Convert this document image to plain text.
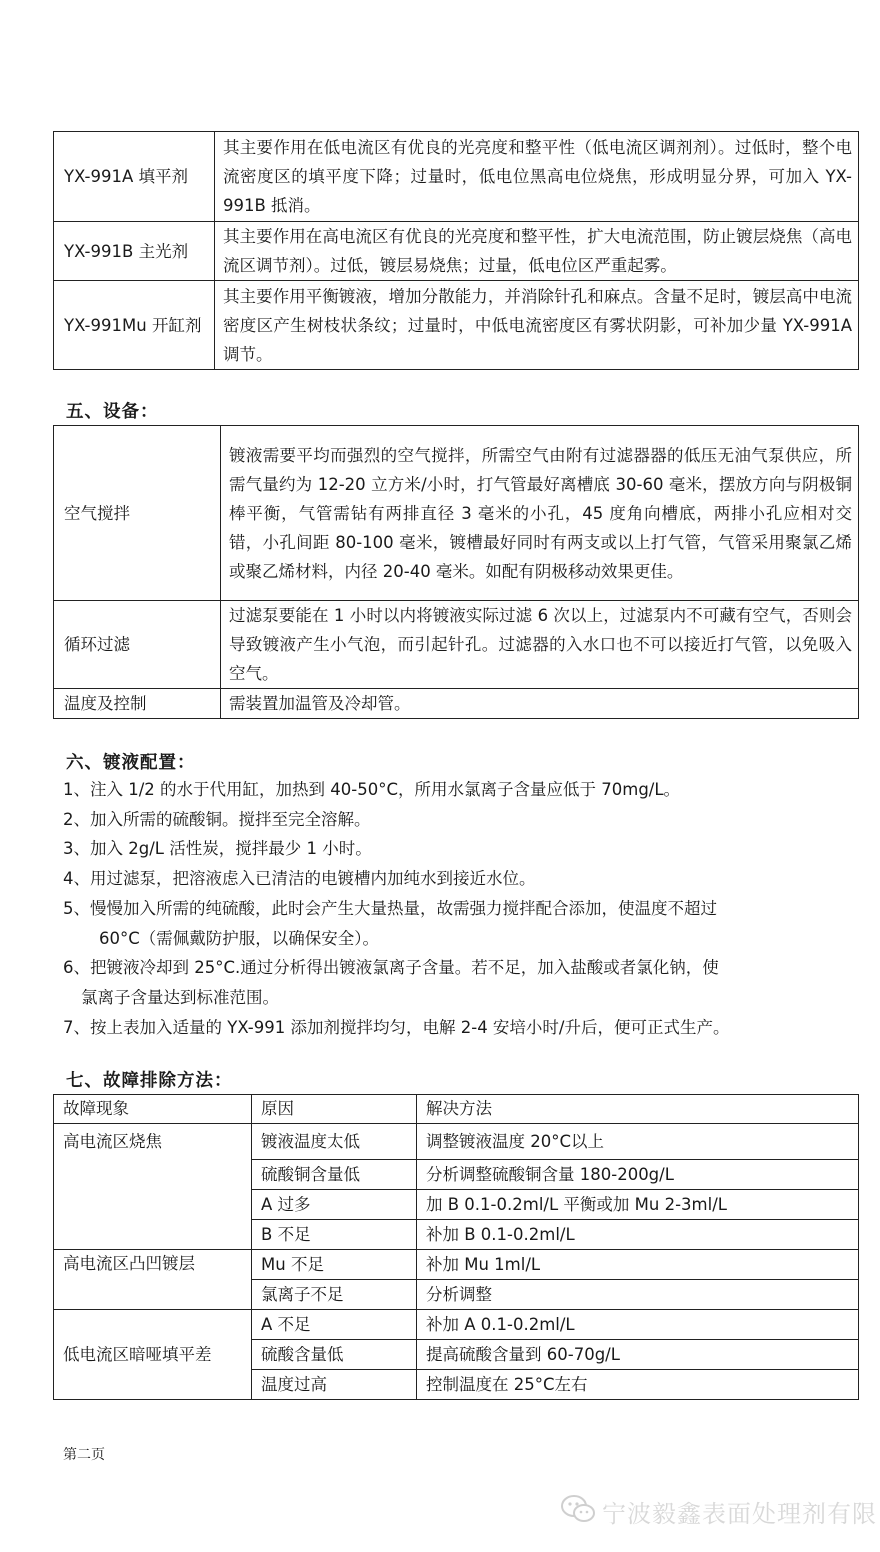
YX-991A 填平剂	其主要作用在低电流区有优良的光亮度和整平性（低电流区调剂剂）。过低时，整个电流密度区的填平度下降；过量时，低电位黑高电位烧焦，形成明显分界，可加入 YX-991B 抵消。
YX-991B 主光剂	其主要作用在高电流区有优良的光亮度和整平性，扩大电流范围，防止镀层烧焦（高电流区调节剂）。过低，镀层易烧焦；过量，低电位区严重起雾。
YX-991Mu 开缸剂	其主要作用平衡镀液，增加分散能力，并消除针孔和麻点。含量不足时，镀层高中电流密度区产生树枝状条纹；过量时，中低电流密度区有雾状阴影，可补加少量 YX-991A 调节。
五、设备：
空气搅拌	镀液需要平均而强烈的空气搅拌，所需空气由附有过滤器器的低压无油气泵供应，所需气量约为 12-20 立方米/小时，打气管最好离槽底 30-60 毫米，摆放方向与阴极铜棒平衡，气管需钻有两排直径 3 毫米的小孔，45 度角向槽底，两排小孔应相对交错，小孔间距 80-100 毫米，镀槽最好同时有两支或以上打气管，气管采用聚氯乙烯或聚乙烯材料，内径 20-40 毫米。如配有阴极移动效果更佳。
循环过滤	过滤泵要能在 1 小时以内将镀液实际过滤 6 次以上，过滤泵内不可藏有空气，否则会导致镀液产生小气泡，而引起针孔。过滤器的入水口也不可以接近打气管，以免吸入空气。
温度及控制	需装置加温管及冷却管。
六、镀液配置：

1、注入 1/2 的水于代用缸，加热到 40-50°C，所用水氯离子含量应低于 70mg/L。

2、加入所需的硫酸铜。搅拌至完全溶解。

3、加入 2g/L 活性炭，搅拌最少 1 小时。

4、用过滤泵，把溶液虑入已清洁的电镀槽内加纯水到接近水位。

5、慢慢加入所需的纯硫酸，此时会产生大量热量，故需强力搅拌配合添加，使温度不超过

60°C（需佩戴防护服，以确保安全）。

6、把镀液冷却到 25°C.通过分析得出镀液氯离子含量。若不足，加入盐酸或者氯化钠，使

氯离子含量达到标准范围。

7、按上表加入适量的 YX-991 添加剂搅拌均匀，电解 2-4 安培小时/升后，便可正式生产。

七、故障排除方法：
故障现象	原因	解决方法
高电流区烧焦	镀液温度太低	调整镀液温度 20°C以上
	硫酸铜含量低	分析调整硫酸铜含量 180-200g/L
	A 过多	加 B 0.1-0.2ml/L 平衡或加 Mu 2-3ml/L
	B 不足	补加 B 0.1-0.2ml/L
高电流区凸凹镀层	Mu 不足	补加 Mu 1ml/L
	氯离子不足	分析调整
低电流区暗哑填平差	A 不足	补加 A 0.1-0.2ml/L
	硫酸含量低	提高硫酸含量到 60-70g/L
	温度过高	控制温度在 25°C左右
第二页
宁波毅鑫表面处理剂有限
